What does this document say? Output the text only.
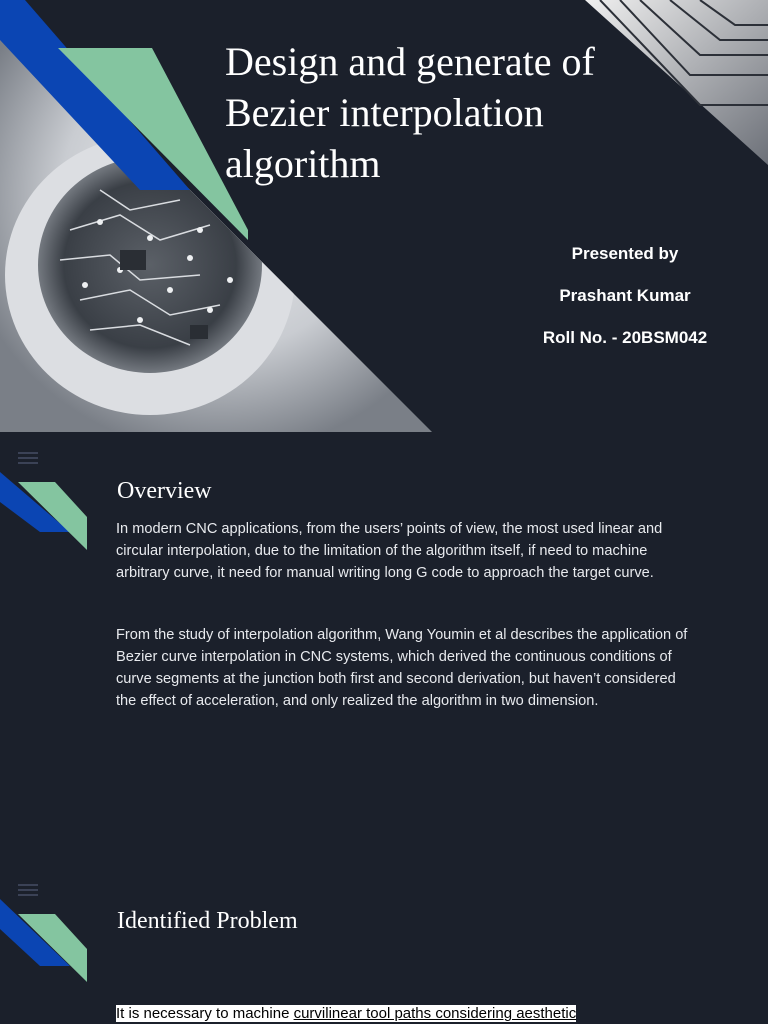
Design and generate of Bezier interpolation algorithm
Presented by
Prashant Kumar
Roll No. - 20BSM042
Overview

In modern CNC applications, from the users’ points of view, the most used linear and circular interpolation, due to the limitation of the algorithm itself, if need to machine arbitrary curve, it need for manual writing long G code to approach the target curve.

From the study of interpolation algorithm, Wang Youmin et al describes the application of Bezier curve interpolation in CNC systems, which derived the continuous conditions of curve segments at the junction both first and second derivation, but haven’t considered the effect of acceleration, and only realized the algorithm in two dimension.

Identified Problem

It is necessary to machine curvilinear tool paths considering aesthetic
